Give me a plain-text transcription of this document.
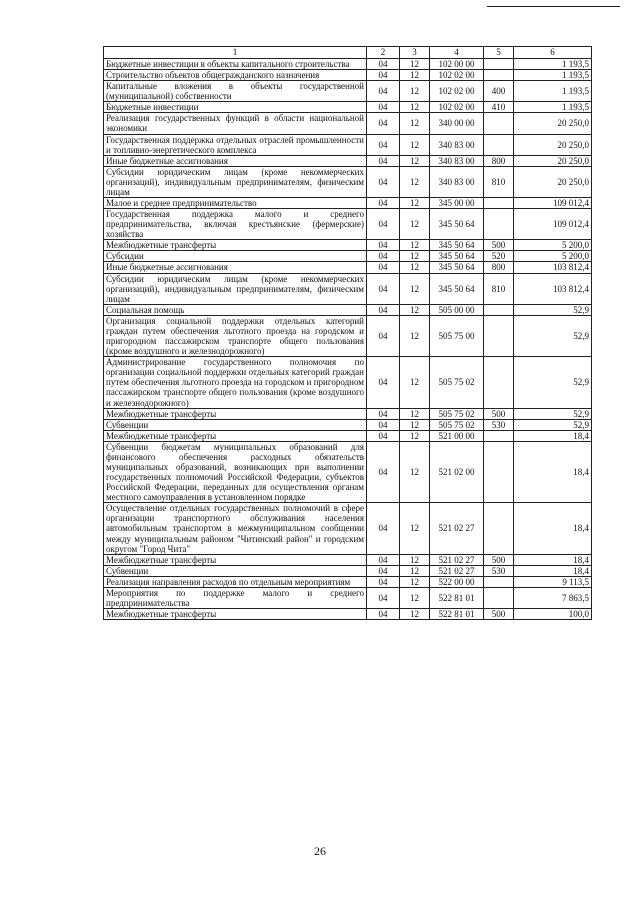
1	2	3	4	5	6
Бюджетные инвестиции в объекты капитального строительства	04	12	102 00 00		1 193,5
Строительство объектов общегражданского назначения	04	12	102 02 00		1 193,5
Капитальные вложения в объекты государственной (муниципальной) собственности	04	12	102 02 00	400	1 193,5
Бюджетные инвестиции	04	12	102 02 00	410	1 193,5
Реализация государственных функций в области национальной экономики	04	12	340 00 00		20 250,0
Государственная поддержка отдельных отраслей промышленности и топливно-энергетического комплекса	04	12	340 83 00		20 250,0
Иные бюджетные ассигнования	04	12	340 83 00	800	20 250,0
Субсидии юридическим лицам (кроме некоммерческих организаций), индивидуальным предпринимателям, физическим лицам	04	12	340 83 00	810	20 250,0
Малое и среднее предпринимательство	04	12	345 00 00		109 012,4
Государственная поддержка малого и среднего предпринимательства, включая крестьянские (фермерские) хозяйства	04	12	345 50 64		109 012,4
Межбюджетные трансферты	04	12	345 50 64	500	5 200,0
Субсидии	04	12	345 50 64	520	5 200,0
Иные бюджетные ассигнования	04	12	345 50 64	800	103 812,4
Субсидии юридическим лицам (кроме некоммерческих организаций), индивидуальным предпринимателям, физическим лицам	04	12	345 50 64	810	103 812,4
Социальная помощь	04	12	505 00 00		52,9
Организация социальной поддержки отдельных категорий граждан путем обеспечения льготного проезда на городском и пригородном пассажирском транспорте общего пользования (кроме воздушного и железнодорожного)	04	12	505 75 00		52,9
Администрирование государственного полномочия по организации социальной поддержки отдельных категорий граждан путем обеспечения льготного проезда на городском и пригородном пассажирском транспорте общего пользования (кроме воздушного и железнодорожного)	04	12	505 75 02		52,9
Межбюджетные трансферты	04	12	505 75 02	500	52,9
Субвенции	04	12	505 75 02	530	52,9
Межбюджетные трансферты	04	12	521 00 00		18,4
Субвенции бюджетам муниципальных образований для финансового обеспечения расходных обязательств муниципальных образований, возникающих при выполнении государственных полномочий Российской Федерации, субъектов Российской Федерации, переданных для осуществления органам местного самоуправления в установленном порядке	04	12	521 02 00		18,4
Осуществление отдельных государственных полномочий в сфере организации транспортного обслуживания населения автомобильным транспортом в межмуниципальном сообщении между муниципальным районом "Читинский район" и городским округом "Город Чита"	04	12	521 02 27		18,4
Межбюджетные трансферты	04	12	521 02 27	500	18,4
Субвенции	04	12	521 02 27	530	18,4
Реализация направления расходов по отдельным мероприятиям	04	12	522 00 00		9 113,5
Мероприятия по поддержке малого и среднего предпринимательства	04	12	522 81 01		7 863,5
Межбюджетные трансферты	04	12	522 81 01	500	100,0
26
